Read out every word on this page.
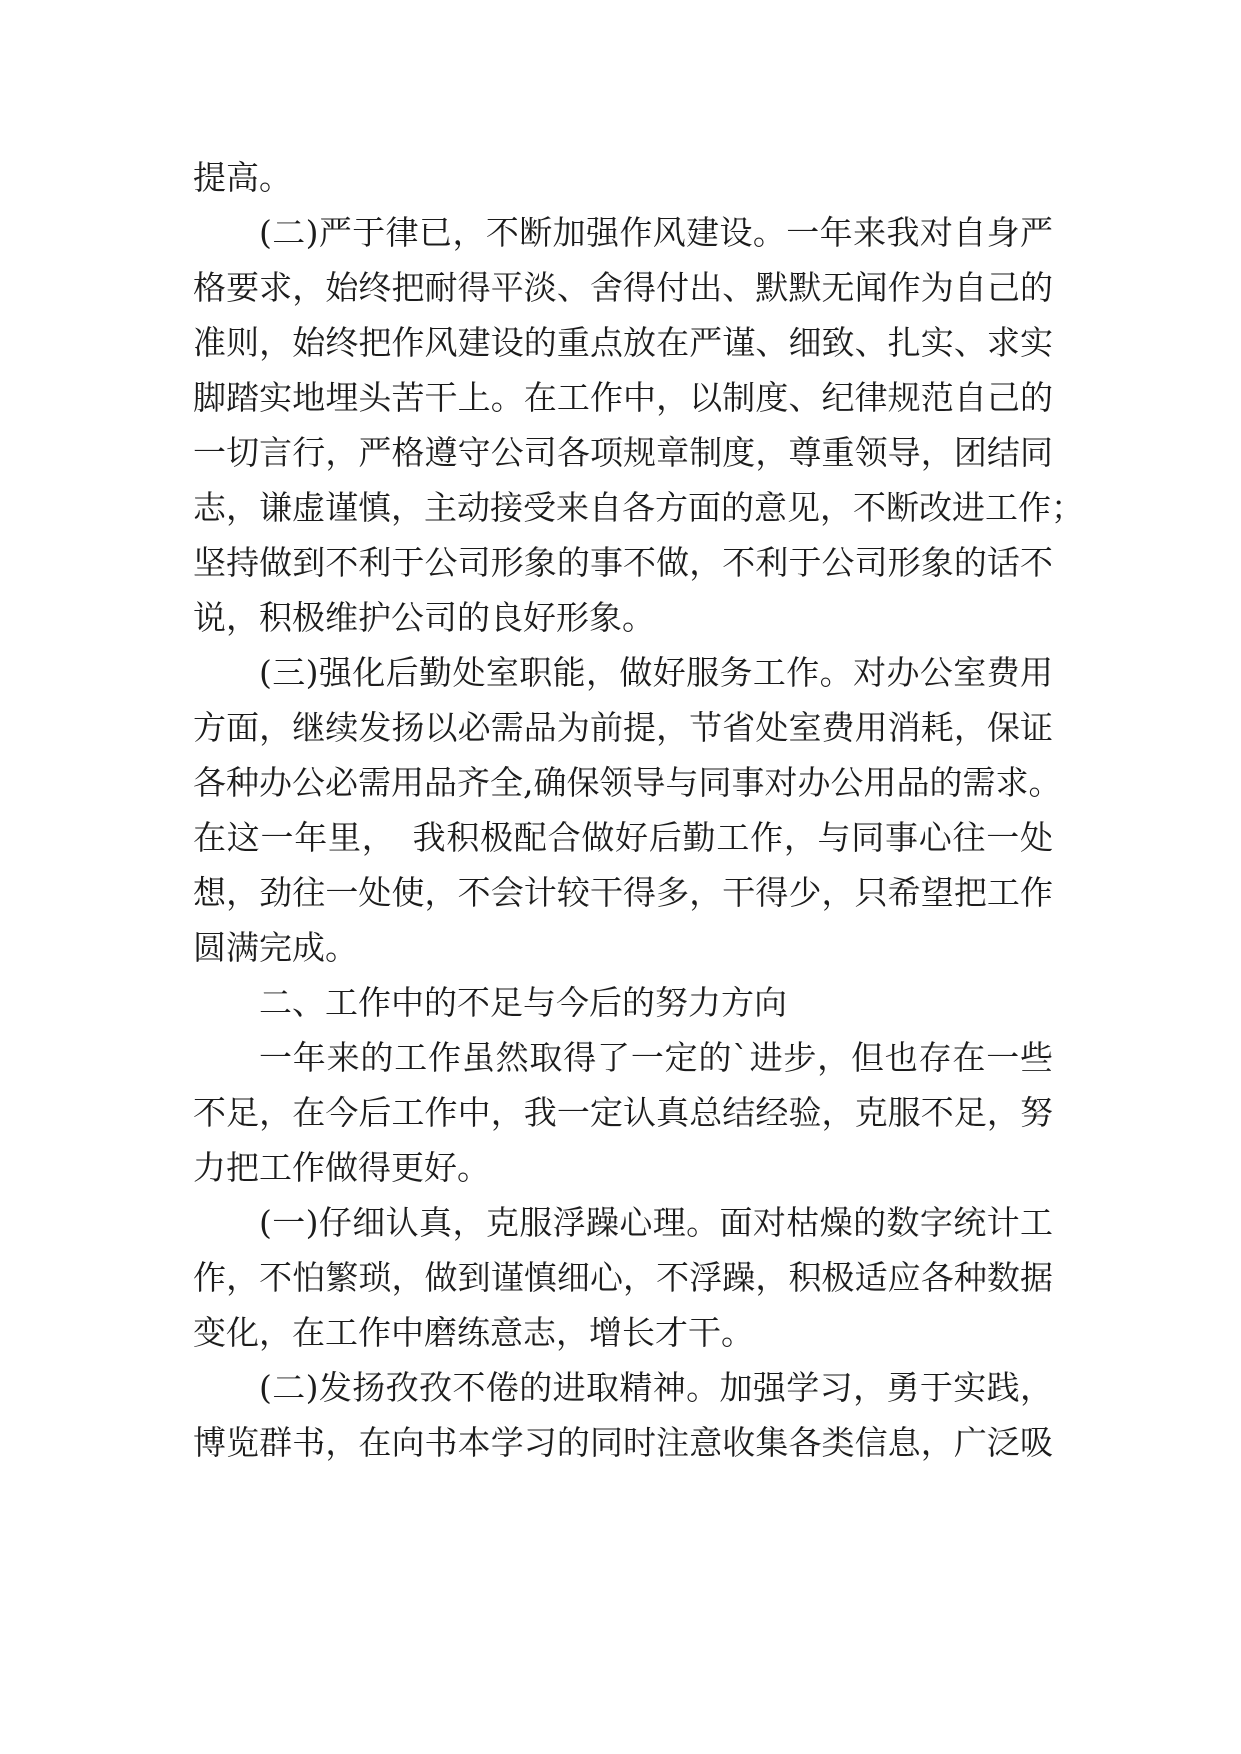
提高。
(二)严于律已，不断加强作风建设。一年来我对自身严
格要求，始终把耐得平淡、舍得付出、默默无闻作为自己的
准则，始终把作风建设的重点放在严谨、细致、扎实、求实
脚踏实地埋头苦干上。在工作中，以制度、纪律规范自己的
一切言行，严格遵守公司各项规章制度，尊重领导，团结同
志，谦虚谨慎，主动接受来自各方面的意见，不断改进工作；
坚持做到不利于公司形象的事不做，不利于公司形象的话不
说，积极维护公司的良好形象。
(三)强化后勤处室职能，做好服务工作。对办公室费用
方面，继续发扬以必需品为前提，节省处室费用消耗，保证
各种办公必需用品齐全,确保领导与同事对办公用品的需求。
在这一年里，　我积极配合做好后勤工作，与同事心往一处
想，劲往一处使，不会计较干得多，干得少，只希望把工作
圆满完成。
二、工作中的不足与今后的努力方向
一年来的工作虽然取得了一定的`进步，但也存在一些
不足，在今后工作中，我一定认真总结经验，克服不足，努
力把工作做得更好。
(一)仔细认真，克服浮躁心理。面对枯燥的数字统计工
作，不怕繁琐，做到谨慎细心，不浮躁，积极适应各种数据
变化，在工作中磨练意志，增长才干。
(二)发扬孜孜不倦的进取精神。加强学习，勇于实践，
博览群书，在向书本学习的同时注意收集各类信息，广泛吸
